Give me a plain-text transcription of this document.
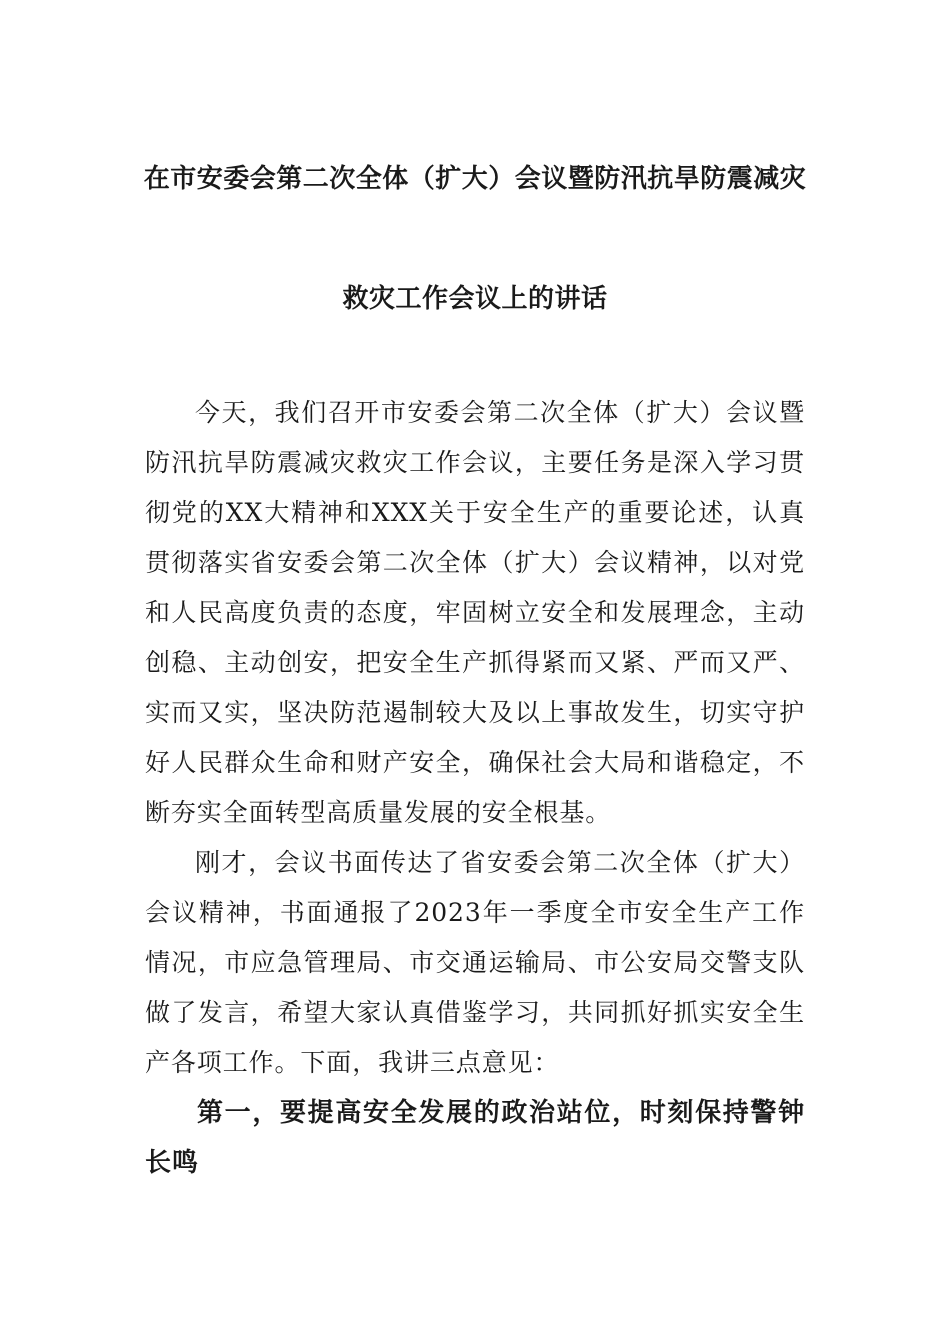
在市安委会第二次全体（扩大）会议暨防汛抗旱防震减灾
救灾工作会议上的讲话

今天，我们召开市安委会第二次全体（扩大）会议暨防汛抗旱防震减灾救灾工作会议，主要任务是深入学习贯彻党的XX大精神和XXX关于安全生产的重要论述，认真贯彻落实省安委会第二次全体（扩大）会议精神，以对党和人民高度负责的态度，牢固树立安全和发展理念，主动创稳、主动创安，把安全生产抓得紧而又紧、严而又严、实而又实，坚决防范遏制较大及以上事故发生，切实守护好人民群众生命和财产安全，确保社会大局和谐稳定，不断夯实全面转型高质量发展的安全根基。

刚才，会议书面传达了省安委会第二次全体（扩大）会议精神，书面通报了2023年一季度全市安全生产工作情况，市应急管理局、市交通运输局、市公安局交警支队做了发言，希望大家认真借鉴学习，共同抓好抓实安全生产各项工作。下面，我讲三点意见：

第一，要提高安全发展的政治站位，时刻保持警钟长鸣
